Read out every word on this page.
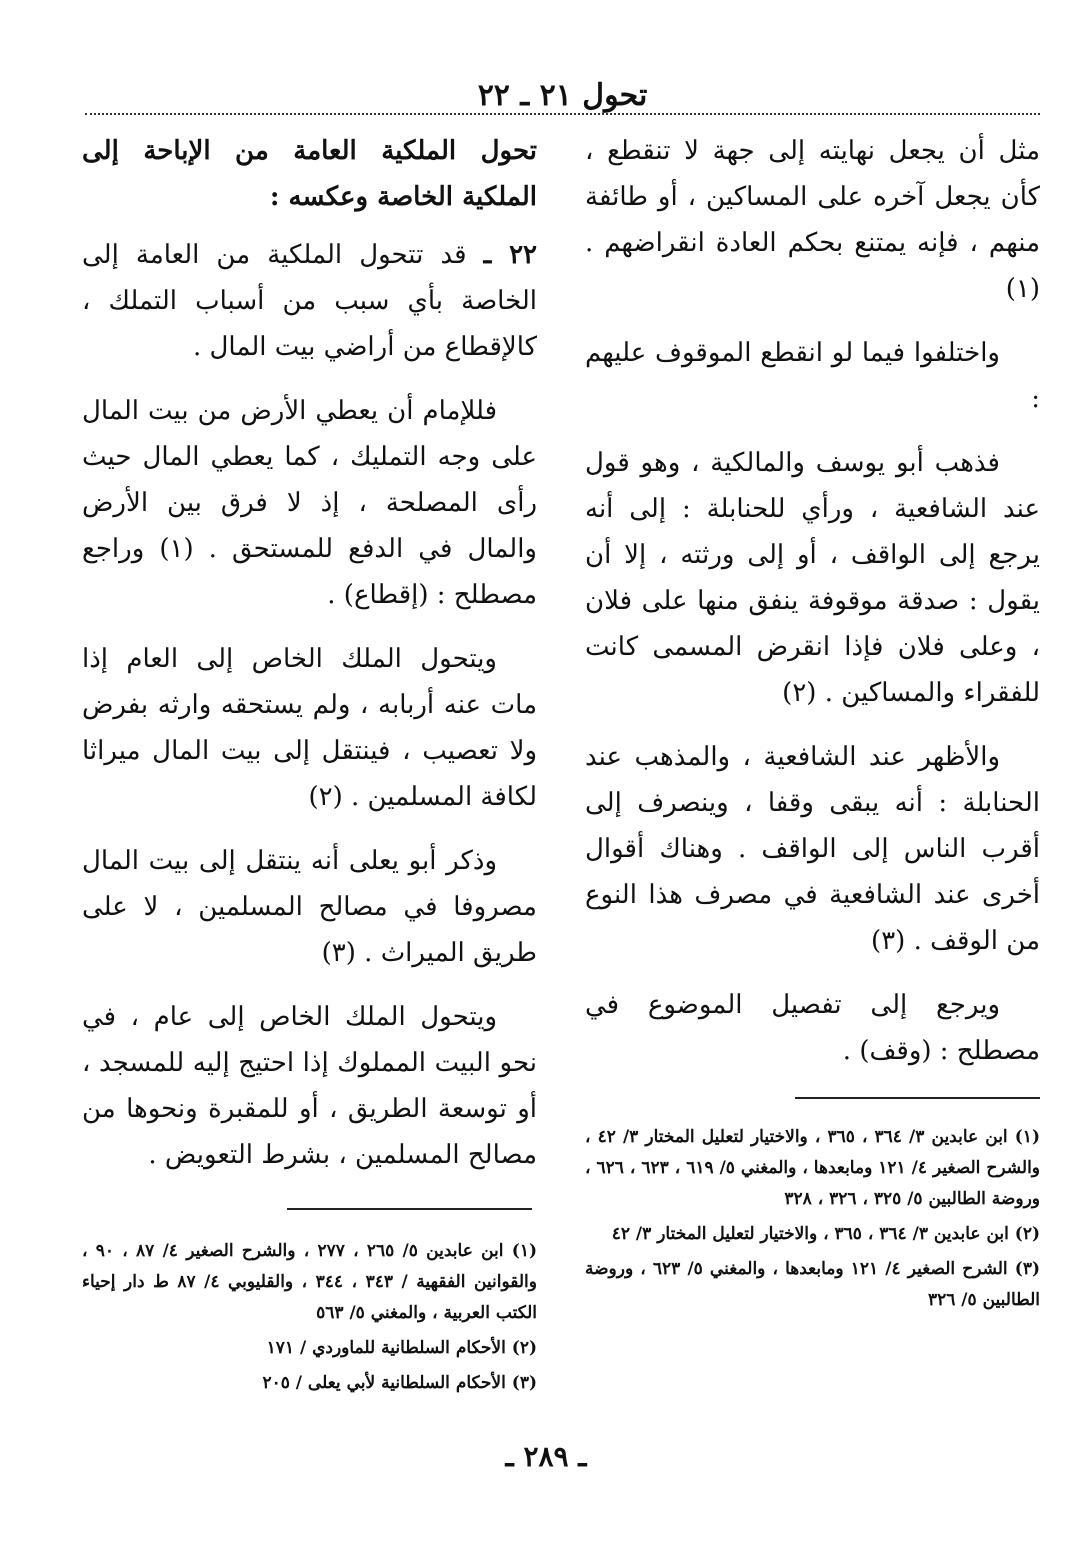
تحول ٢١ ـ ٢٢

مثل أن يجعل نهايته إلى جهة لا تنقطع ، كأن يجعل آخره على المساكين ، أو طائفة منهم ، فإنه يمتنع بحكم العادة انقراضهم . (١)

واختلفوا فيما لو انقطع الموقوف عليهم :

فذهب أبو يوسف والمالكية ، وهو قول عند الشافعية ، ورأي للحنابلة : إلى أنه يرجع إلى الواقف ، أو إلى ورثته ، إلا أن يقول : صدقة موقوفة ينفق منها على فلان ، وعلى فلان فإذا انقرض المسمى كانت للفقراء والمساكين . (٢)

والأظهر عند الشافعية ، والمذهب عند الحنابلة : أنه يبقى وقفا ، وينصرف إلى أقرب الناس إلى الواقف . وهناك أقوال أخرى عند الشافعية في مصرف هذا النوع من الوقف . (٣)

ويرجع إلى تفصيل الموضوع في مصطلح : (وقف) .

تحول الملكية العامة من الإباحة إلى الملكية الخاصة وعكسه :

٢٢ ـ قد تتحول الملكية من العامة إلى الخاصة بأي سبب من أسباب التملك ، كالإقطاع من أراضي بيت المال .

فللإمام أن يعطي الأرض من بيت المال على وجه التمليك ، كما يعطي المال حيث رأى المصلحة ، إذ لا فرق بين الأرض والمال في الدفع للمستحق . (١) وراجع مصطلح : (إقطاع) .

ويتحول الملك الخاص إلى العام إذا مات عنه أربابه ، ولم يستحقه وارثه بفرض ولا تعصيب ، فينتقل إلى بيت المال ميراثا لكافة المسلمين . (٢)

وذكر أبو يعلى أنه ينتقل إلى بيت المال مصروفا في مصالح المسلمين ، لا على طريق الميراث . (٣)

ويتحول الملك الخاص إلى عام ، في نحو البيت المملوك إذا احتيج إليه للمسجد ، أو توسعة الطريق ، أو للمقبرة ونحوها من مصالح المسلمين ، بشرط التعويض .

(١) ابن عابدين ٣/ ٣٦٤ ، ٣٦٥ ، والاختيار لتعليل المختار ٣/ ٤٢ ، والشرح الصغير ٤/ ١٢١ ومابعدها ، والمغني ٥/ ٦١٩ ، ٦٢٣ ، ٦٢٦ ، وروضة الطالبين ٥/ ٣٢٥ ، ٣٢٦ ، ٣٢٨

(٢) ابن عابدين ٣/ ٣٦٤ ، ٣٦٥ ، والاختيار لتعليل المختار ٣/ ٤٢

(٣) الشرح الصغير ٤/ ١٢١ ومابعدها ، والمغني ٥/ ٦٢٣ ، وروضة الطالبين ٥/ ٣٢٦

(١) ابن عابدين ٥/ ٢٦٥ ، ٢٧٧ ، والشرح الصغير ٤/ ٨٧ ، ٩٠ ، والقوانين الفقهية / ٣٤٣ ، ٣٤٤ ، والقليوبي ٤/ ٨٧ ط دار إحياء الكتب العربية ، والمغني ٥/ ٥٦٣

(٢) الأحكام السلطانية للماوردي / ١٧١

(٣) الأحكام السلطانية لأبي يعلى / ٢٠٥

ـ ٢٨٩ ـ
